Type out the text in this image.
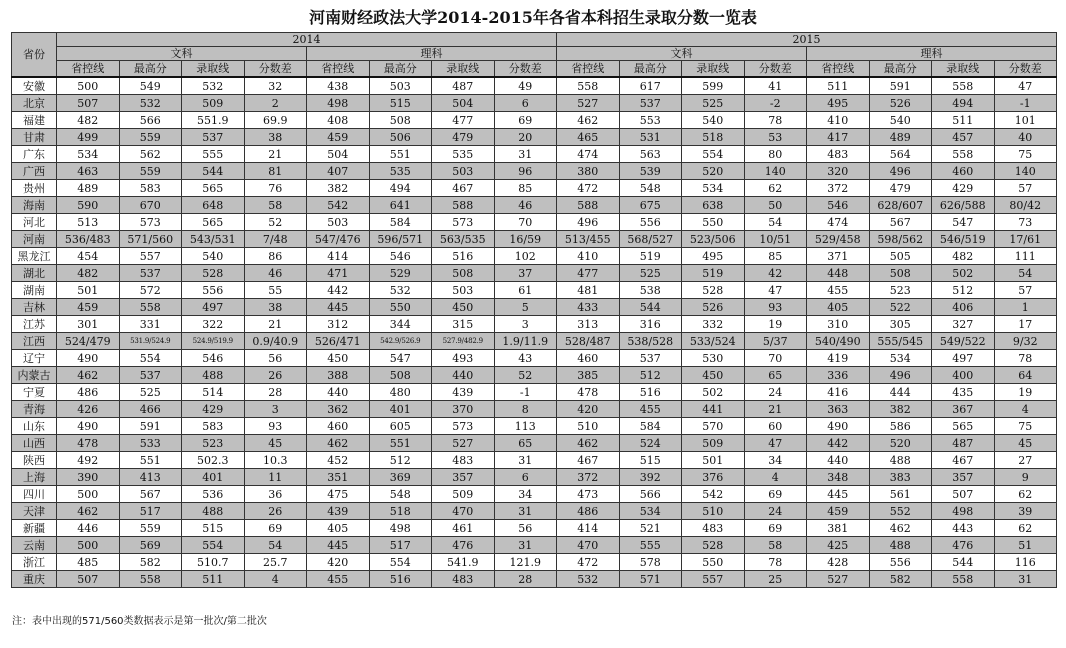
河南财经政法大学2014-2015年各省本科招生录取分数一览表
省份	2014								2015							
	文科				理科				文科				理科			
	省控线	最高分	录取线	分数差	省控线	最高分	录取线	分数差	省控线	最高分	录取线	分数差	省控线	最高分	录取线	分数差
安徽	500	549	532	32	438	503	487	49	558	617	599	41	511	591	558	47
北京	507	532	509	2	498	515	504	6	527	537	525	-2	495	526	494	-1
福建	482	566	551.9	69.9	408	508	477	69	462	553	540	78	410	540	511	101
甘肃	499	559	537	38	459	506	479	20	465	531	518	53	417	489	457	40
广东	534	562	555	21	504	551	535	31	474	563	554	80	483	564	558	75
广西	463	559	544	81	407	535	503	96	380	539	520	140	320	496	460	140
贵州	489	583	565	76	382	494	467	85	472	548	534	62	372	479	429	57
海南	590	670	648	58	542	641	588	46	588	675	638	50	546	628/607	626/588	80/42
河北	513	573	565	52	503	584	573	70	496	556	550	54	474	567	547	73
河南	536/483	571/560	543/531	7/48	547/476	596/571	563/535	16/59	513/455	568/527	523/506	10/51	529/458	598/562	546/519	17/61
黑龙江	454	557	540	86	414	546	516	102	410	519	495	85	371	505	482	111
湖北	482	537	528	46	471	529	508	37	477	525	519	42	448	508	502	54
湖南	501	572	556	55	442	532	503	61	481	538	528	47	455	523	512	57
吉林	459	558	497	38	445	550	450	5	433	544	526	93	405	522	406	1
江苏	301	331	322	21	312	344	315	3	313	316	332	19	310	305	327	17
江西	524/479	531.9/524.9	524.9/519.9	0.9/40.9	526/471	542.9/526.9	527.9/482.9	1.9/11.9	528/487	538/528	533/524	5/37	540/490	555/545	549/522	9/32
辽宁	490	554	546	56	450	547	493	43	460	537	530	70	419	534	497	78
内蒙古	462	537	488	26	388	508	440	52	385	512	450	65	336	496	400	64
宁夏	486	525	514	28	440	480	439	-1	478	516	502	24	416	444	435	19
青海	426	466	429	3	362	401	370	8	420	455	441	21	363	382	367	4
山东	490	591	583	93	460	605	573	113	510	584	570	60	490	586	565	75
山西	478	533	523	45	462	551	527	65	462	524	509	47	442	520	487	45
陕西	492	551	502.3	10.3	452	512	483	31	467	515	501	34	440	488	467	27
上海	390	413	401	11	351	369	357	6	372	392	376	4	348	383	357	9
四川	500	567	536	36	475	548	509	34	473	566	542	69	445	561	507	62
天津	462	517	488	26	439	518	470	31	486	534	510	24	459	552	498	39
新疆	446	559	515	69	405	498	461	56	414	521	483	69	381	462	443	62
云南	500	569	554	54	445	517	476	31	470	555	528	58	425	488	476	51
浙江	485	582	510.7	25.7	420	554	541.9	121.9	472	578	550	78	428	556	544	116
重庆	507	558	511	4	455	516	483	28	532	571	557	25	527	582	558	31
注：表中出现的571/560类数据表示是第一批次/第二批次
